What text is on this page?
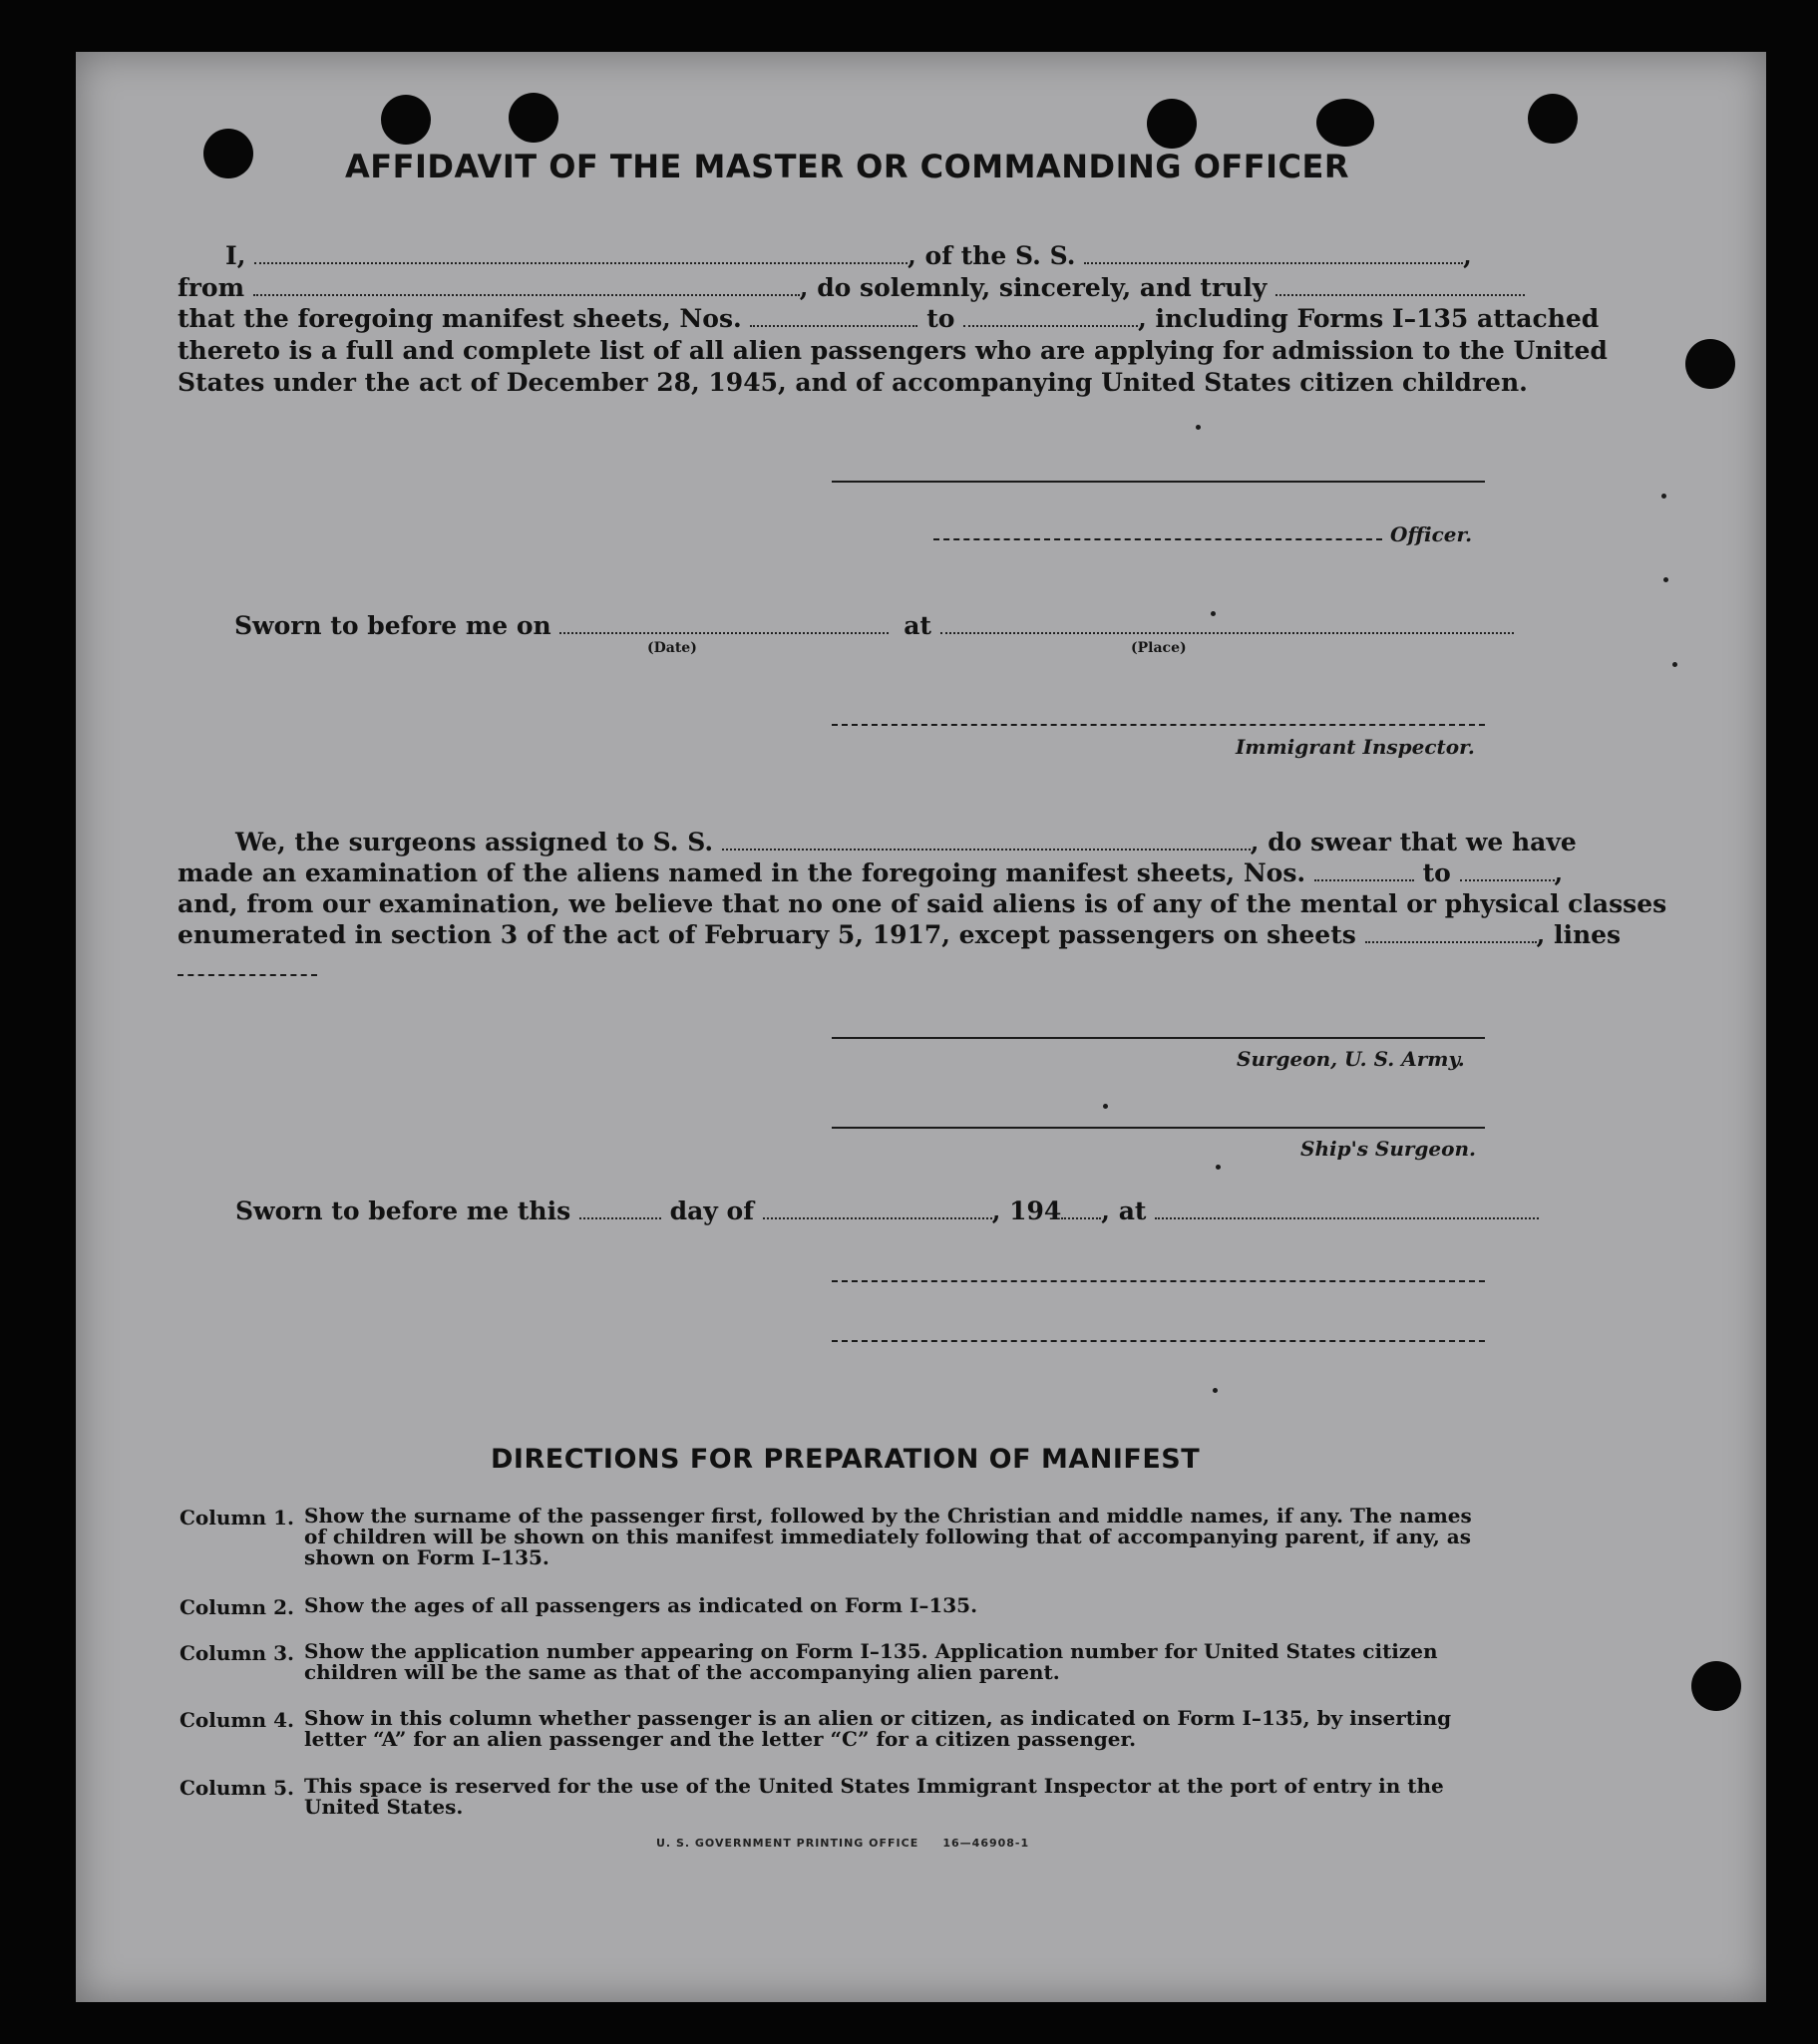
AFFIDAVIT OF THE MASTER OR COMMANDING OFFICER
I,	, of the S. S.	,
from	, do solemnly, sincerely, and truly
that the foregoing manifest sheets, Nos.	to	, including Forms I–135 attached
thereto is a full and complete list of all alien passengers who are applying for admission to the United
States under the act of December 28, 1945, and of accompanying United States citizen children.
Officer.
Sworn to before me on	at
(Date)	(Place)
Immigrant Inspector.
We, the surgeons assigned to S. S.	, do swear that we have
made an examination of the aliens named in the foregoing manifest sheets, Nos.	to	,
and, from our examination, we believe that no one of said aliens is of any of the mental or physical classes
enumerated in section 3 of the act of February 5, 1917, except passengers on sheets	, lines
Surgeon, U. S. Army.
Ship's Surgeon.
Sworn to before me this	day of	, 194 , at
DIRECTIONS FOR PREPARATION OF MANIFEST
Column 1. Show the surname of the passenger first, followed by the Christian and middle names, if any. The names of children will be shown on this manifest immediately following that of accompanying parent, if any, as shown on Form I–135.
Column 2. Show the ages of all passengers as indicated on Form I–135.
Column 3. Show the application number appearing on Form I–135. Application number for United States citizen children will be the same as that of the accompanying alien parent.
Column 4. Show in this column whether passenger is an alien or citizen, as indicated on Form I–135, by inserting letter “A” for an alien passenger and the letter “C” for a citizen passenger.
Column 5. This space is reserved for the use of the United States Immigrant Inspector at the port of entry in the United States.
U. S. GOVERNMENT PRINTING OFFICE     16—46908-1
